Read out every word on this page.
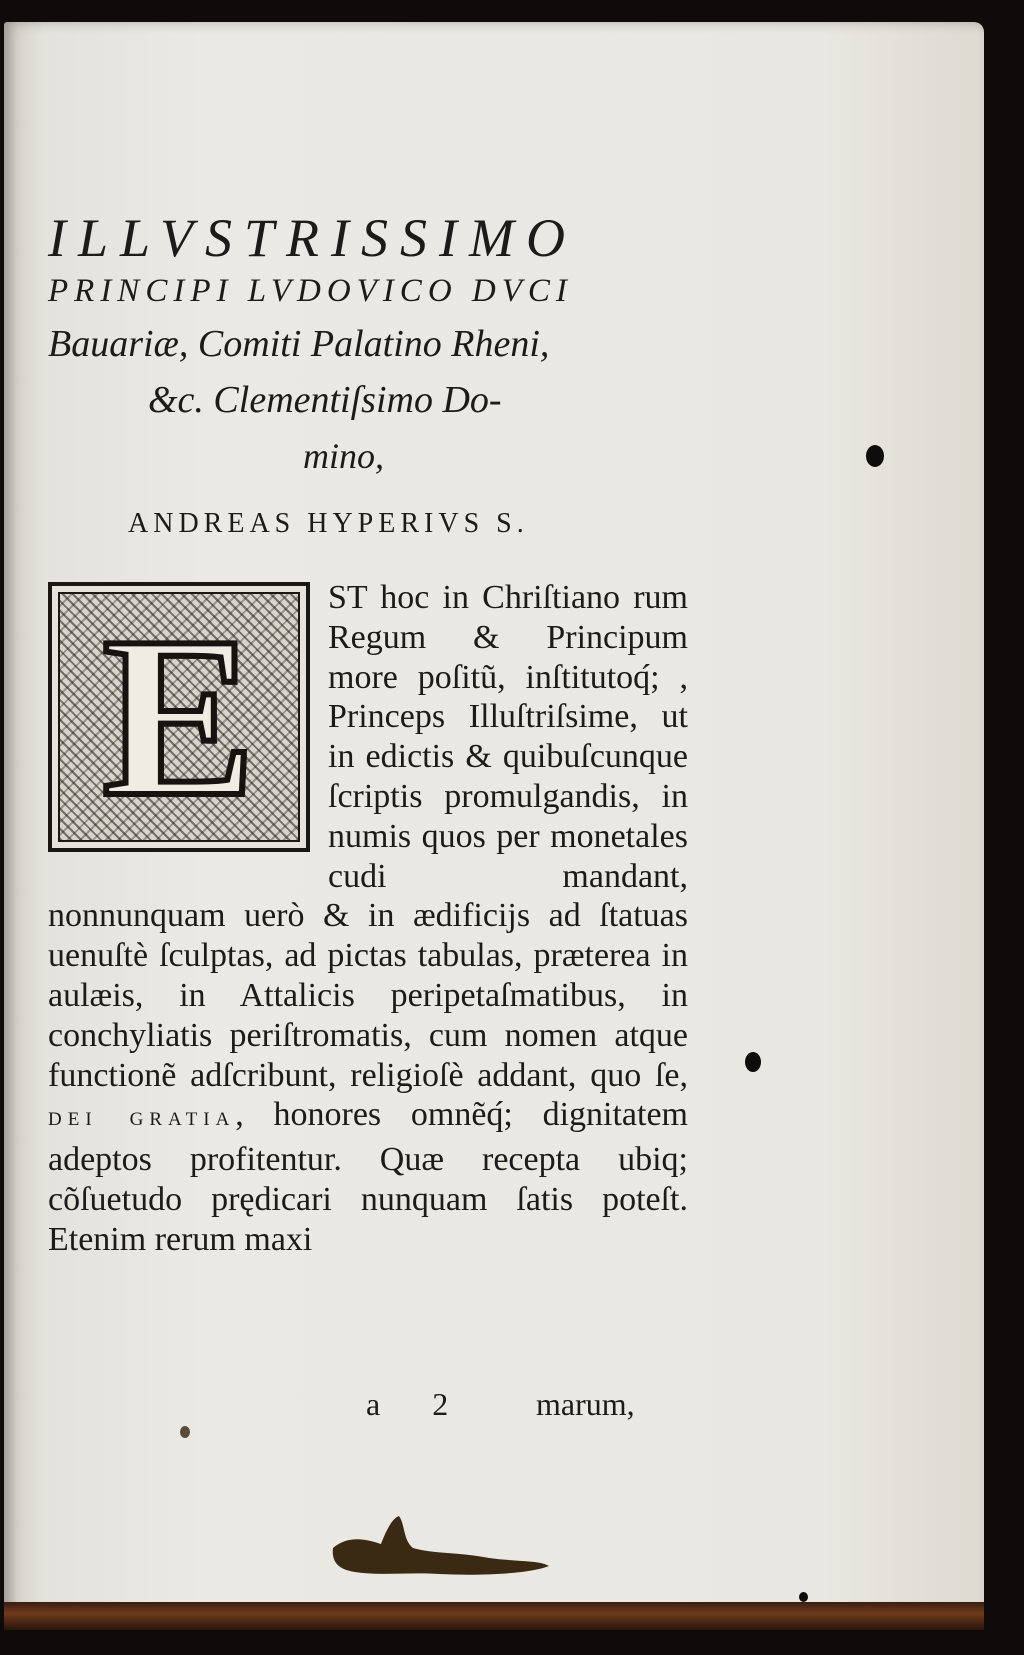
ILLVSTRISSIMO
PRINCIPI LVDOVICO DVCI
Bauariæ, Comiti Palatino Rheni,
&c. Clementiſsimo Do-
mino,
ANDREAS HYPERIVS S.
E	ST hoc in Chriſtiano rum Regum & Principum more poſitũ, inſtitutoq́; , Princeps Illuſtriſsime, ut in edictis & quibuſcunque ſcriptis promulgandis, in numis quos per monetales cudi mandant, nonnunquam uerò & in ædificijs ad ſtatuas uenuſtè ſculptas, ad pictas tabulas, præterea in aulæis, in Attalicis peripetaſmatibus, in conchyliatis periſtromatis, cum nomen atque functionẽ adſcribunt, religioſè addant, quo ſe, DEI GRATIA, honores omnẽq́; dignitatem adeptos profitentur. Quæ recepta ubiq; cõſuetudo prędicari nunquam ſatis poteſt. Etenim rerum maxi

a 2 marum,
